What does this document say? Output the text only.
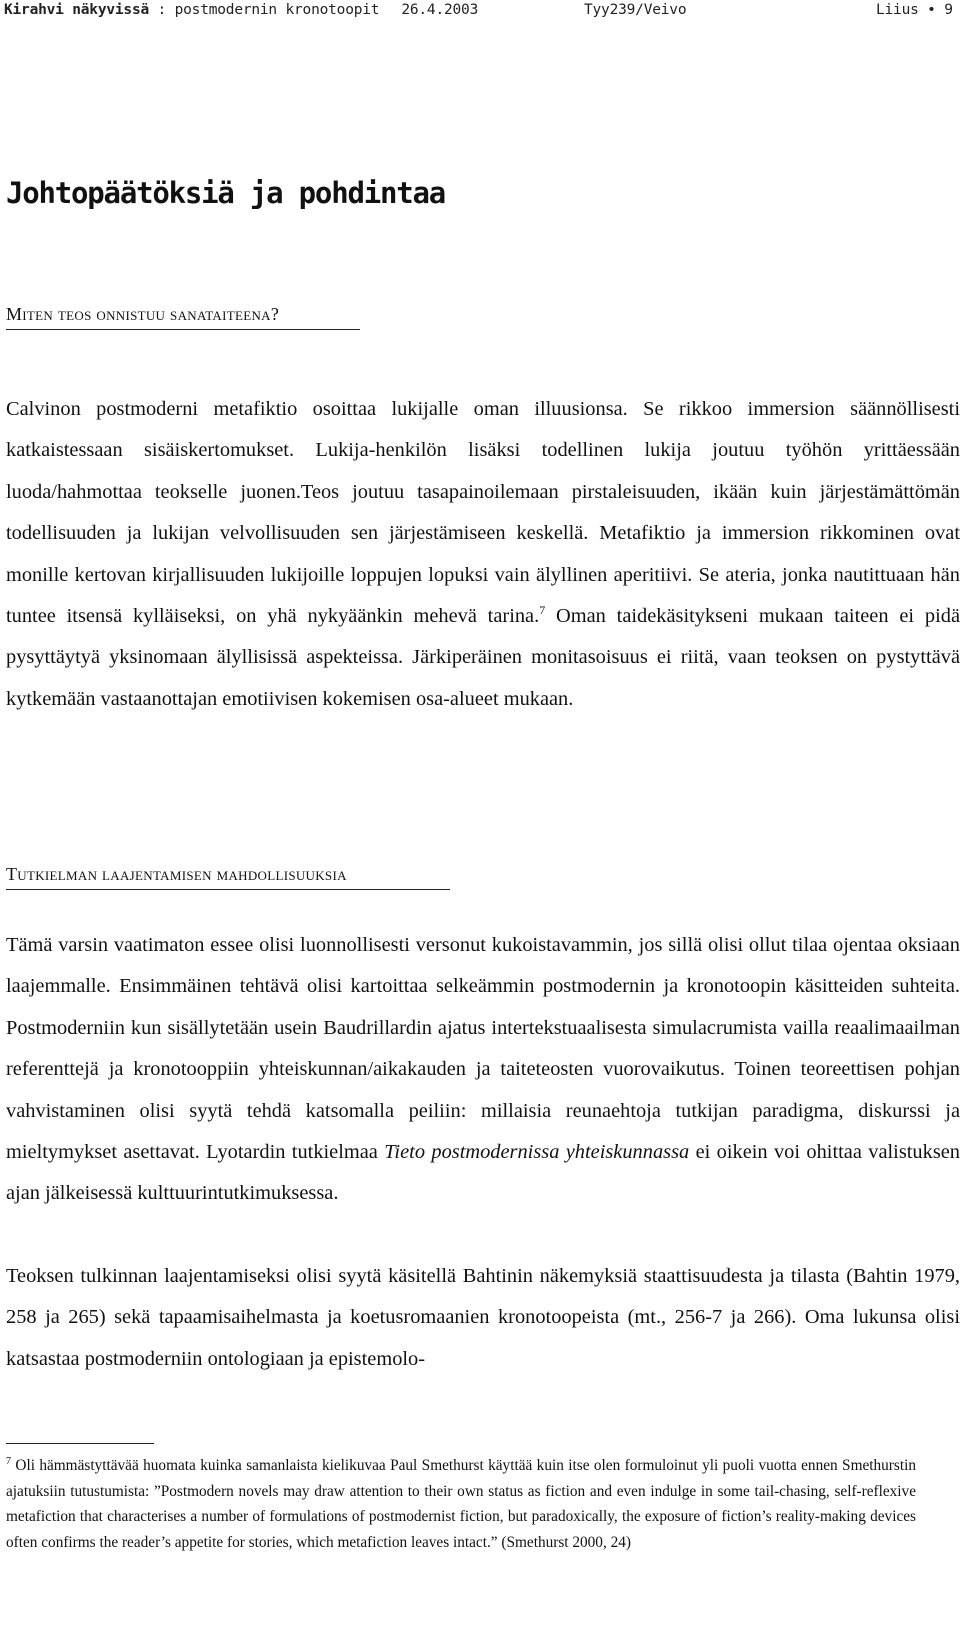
Kirahvi näkyvissä : postmodernin kronotoopit 26.4.2003	Tyy239/Veivo	Liius • 9
Johtopäätöksiä ja pohdintaa
Miten teos onnistuu sanataiteena?

Calvinon postmoderni metafiktio osoittaa lukijalle oman illuusionsa. Se rikkoo immersion säännöllisesti katkaistessaan sisäiskertomukset. Lukija-henkilön lisäksi todellinen lukija joutuu työhön yrittäessään luoda/hahmottaa teokselle juonen.Teos joutuu tasapainoilemaan pirstaleisuuden, ikään kuin järjestämättömän todellisuuden ja lukijan velvollisuuden sen järjestämiseen keskellä. Metafiktio ja immersion rikkominen ovat monille kertovan kirjallisuuden lukijoille loppujen lopuksi vain älyllinen aperitiivi. Se ateria, jonka nautittuaan hän tuntee itsensä kylläiseksi, on yhä nykyäänkin mehevä tarina.$^7$ Oman taidekäsitykseni mukaan taiteen ei pidä pysyttäytyä yksinomaan älyllisissä aspekteissa. Järkiperäinen monitasoisuus ei riitä, vaan teoksen on pystyttävä kytkemään vastaanottajan emotiivisen kokemisen osa-alueet mukaan.

Tutkielman laajentamisen mahdollisuuksia

Tämä varsin vaatimaton essee olisi luonnollisesti versonut kukoistavammin, jos sillä olisi ollut tilaa ojentaa oksiaan laajemmalle. Ensimmäinen tehtävä olisi kartoittaa selkeämmin postmodernin ja kronotoopin käsitteiden suhteita. Postmoderniin kun sisällytetään usein Baudrillardin ajatus intertekstuaalisesta simulacrumista vailla reaalimaailman referenttejä ja kronotooppiin yhteiskunnan/aikakauden ja taiteteosten vuorovaikutus. Toinen teoreettisen pohjan vahvistaminen olisi syytä tehdä katsomalla peiliin: millaisia reunaehtoja tutkijan paradigma, diskurssi ja mieltymykset asettavat. Lyotardin tutkielmaa Tieto postmodernissa yhteiskunnassa ei oikein voi ohittaa valistuksen ajan jälkeisessä kulttuurintutkimuksessa.

Teoksen tulkinnan laajentamiseksi olisi syytä käsitellä Bahtinin näkemyksiä staattisuudesta ja tilasta (Bahtin 1979, 258 ja 265) sekä tapaamisaihelmasta ja koetusromaanien kronotoopeista (mt., 256-7 ja 266). Oma lukunsa olisi katsastaa postmoderniin ontologiaan ja epistemolo-

$^7$ Oli hämmästyttävää huomata kuinka samanlaista kielikuvaa Paul Smethurst käyttää kuin itse olen formuloinut yli puoli vuotta ennen Smethurstin ajatuksiin tutustumista: ”Postmodern novels may draw attention to their own status as fiction and even indulge in some tail-chasing, self-reflexive metafiction that characterises a number of formulations of postmodernist fiction, but paradoxically, the exposure of fiction’s reality-making devices often confirms the reader’s appetite for stories, which metafiction leaves intact.” (Smethurst 2000, 24)
